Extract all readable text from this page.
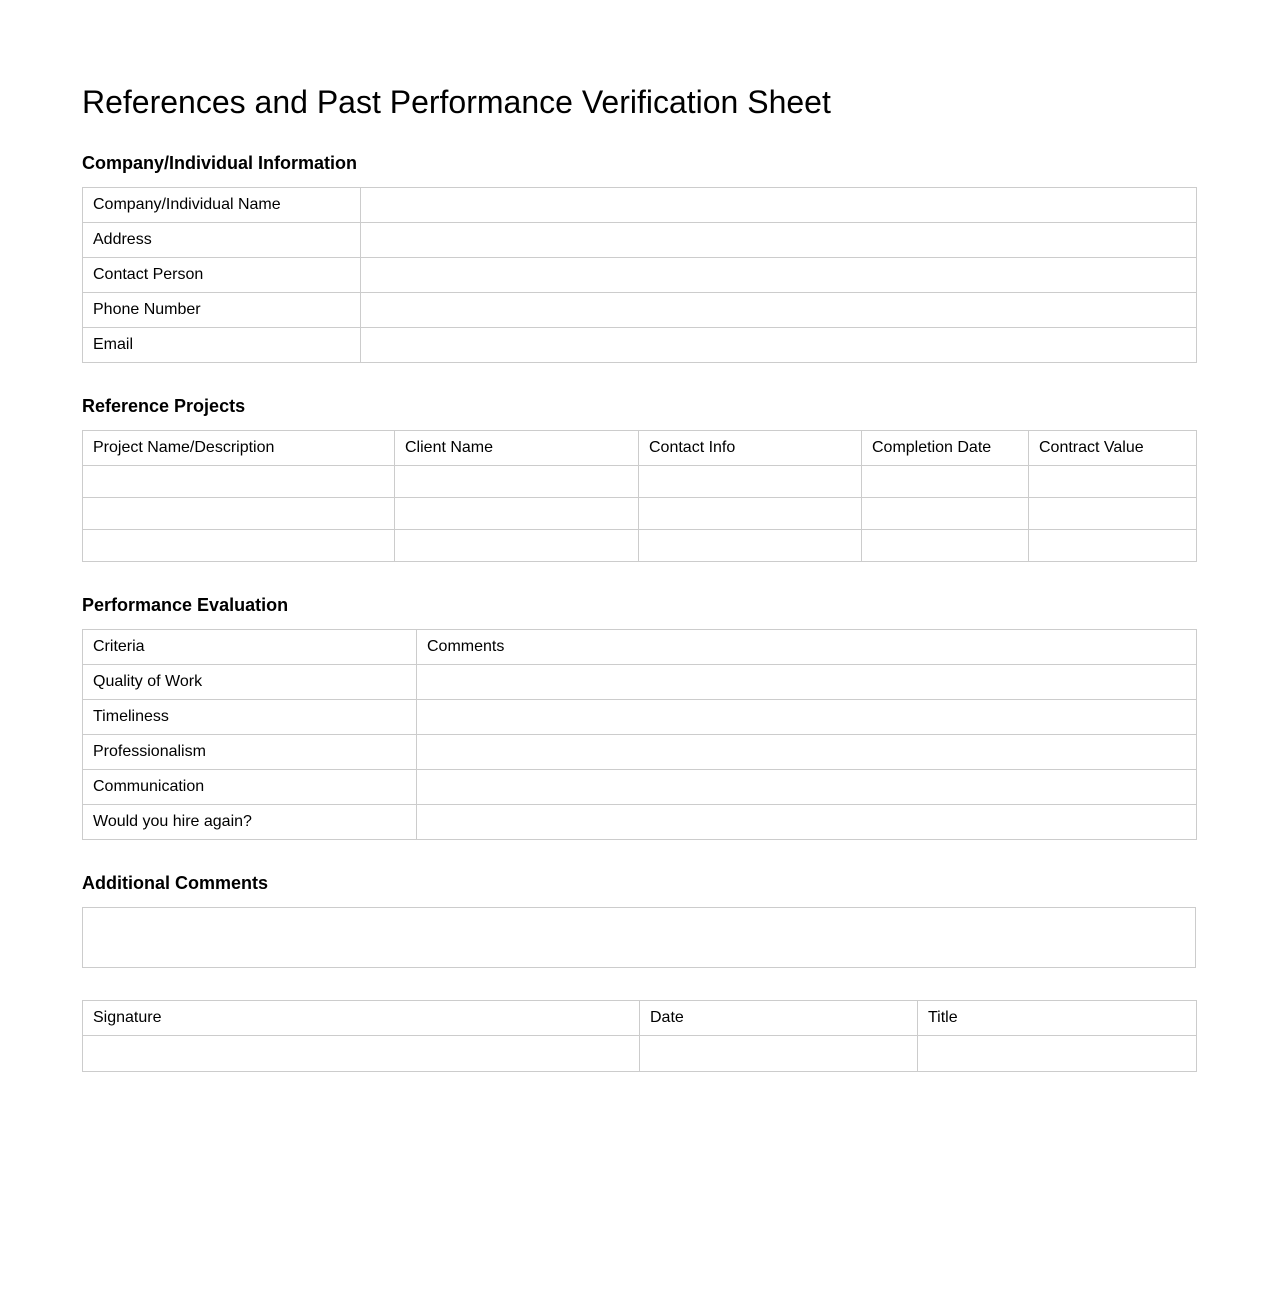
References and Past Performance Verification Sheet
Company/Individual Information
Company/Individual Name	
Address	
Contact Person	
Phone Number	
Email	
Reference Projects
Project Name/Description	Client Name	Contact Info	Completion Date	Contract Value

Performance Evaluation
Criteria	Comments
Quality of Work	
Timeliness	
Professionalism	
Communication	
Would you hire again?	
Additional Comments
Signature	Date	Title
